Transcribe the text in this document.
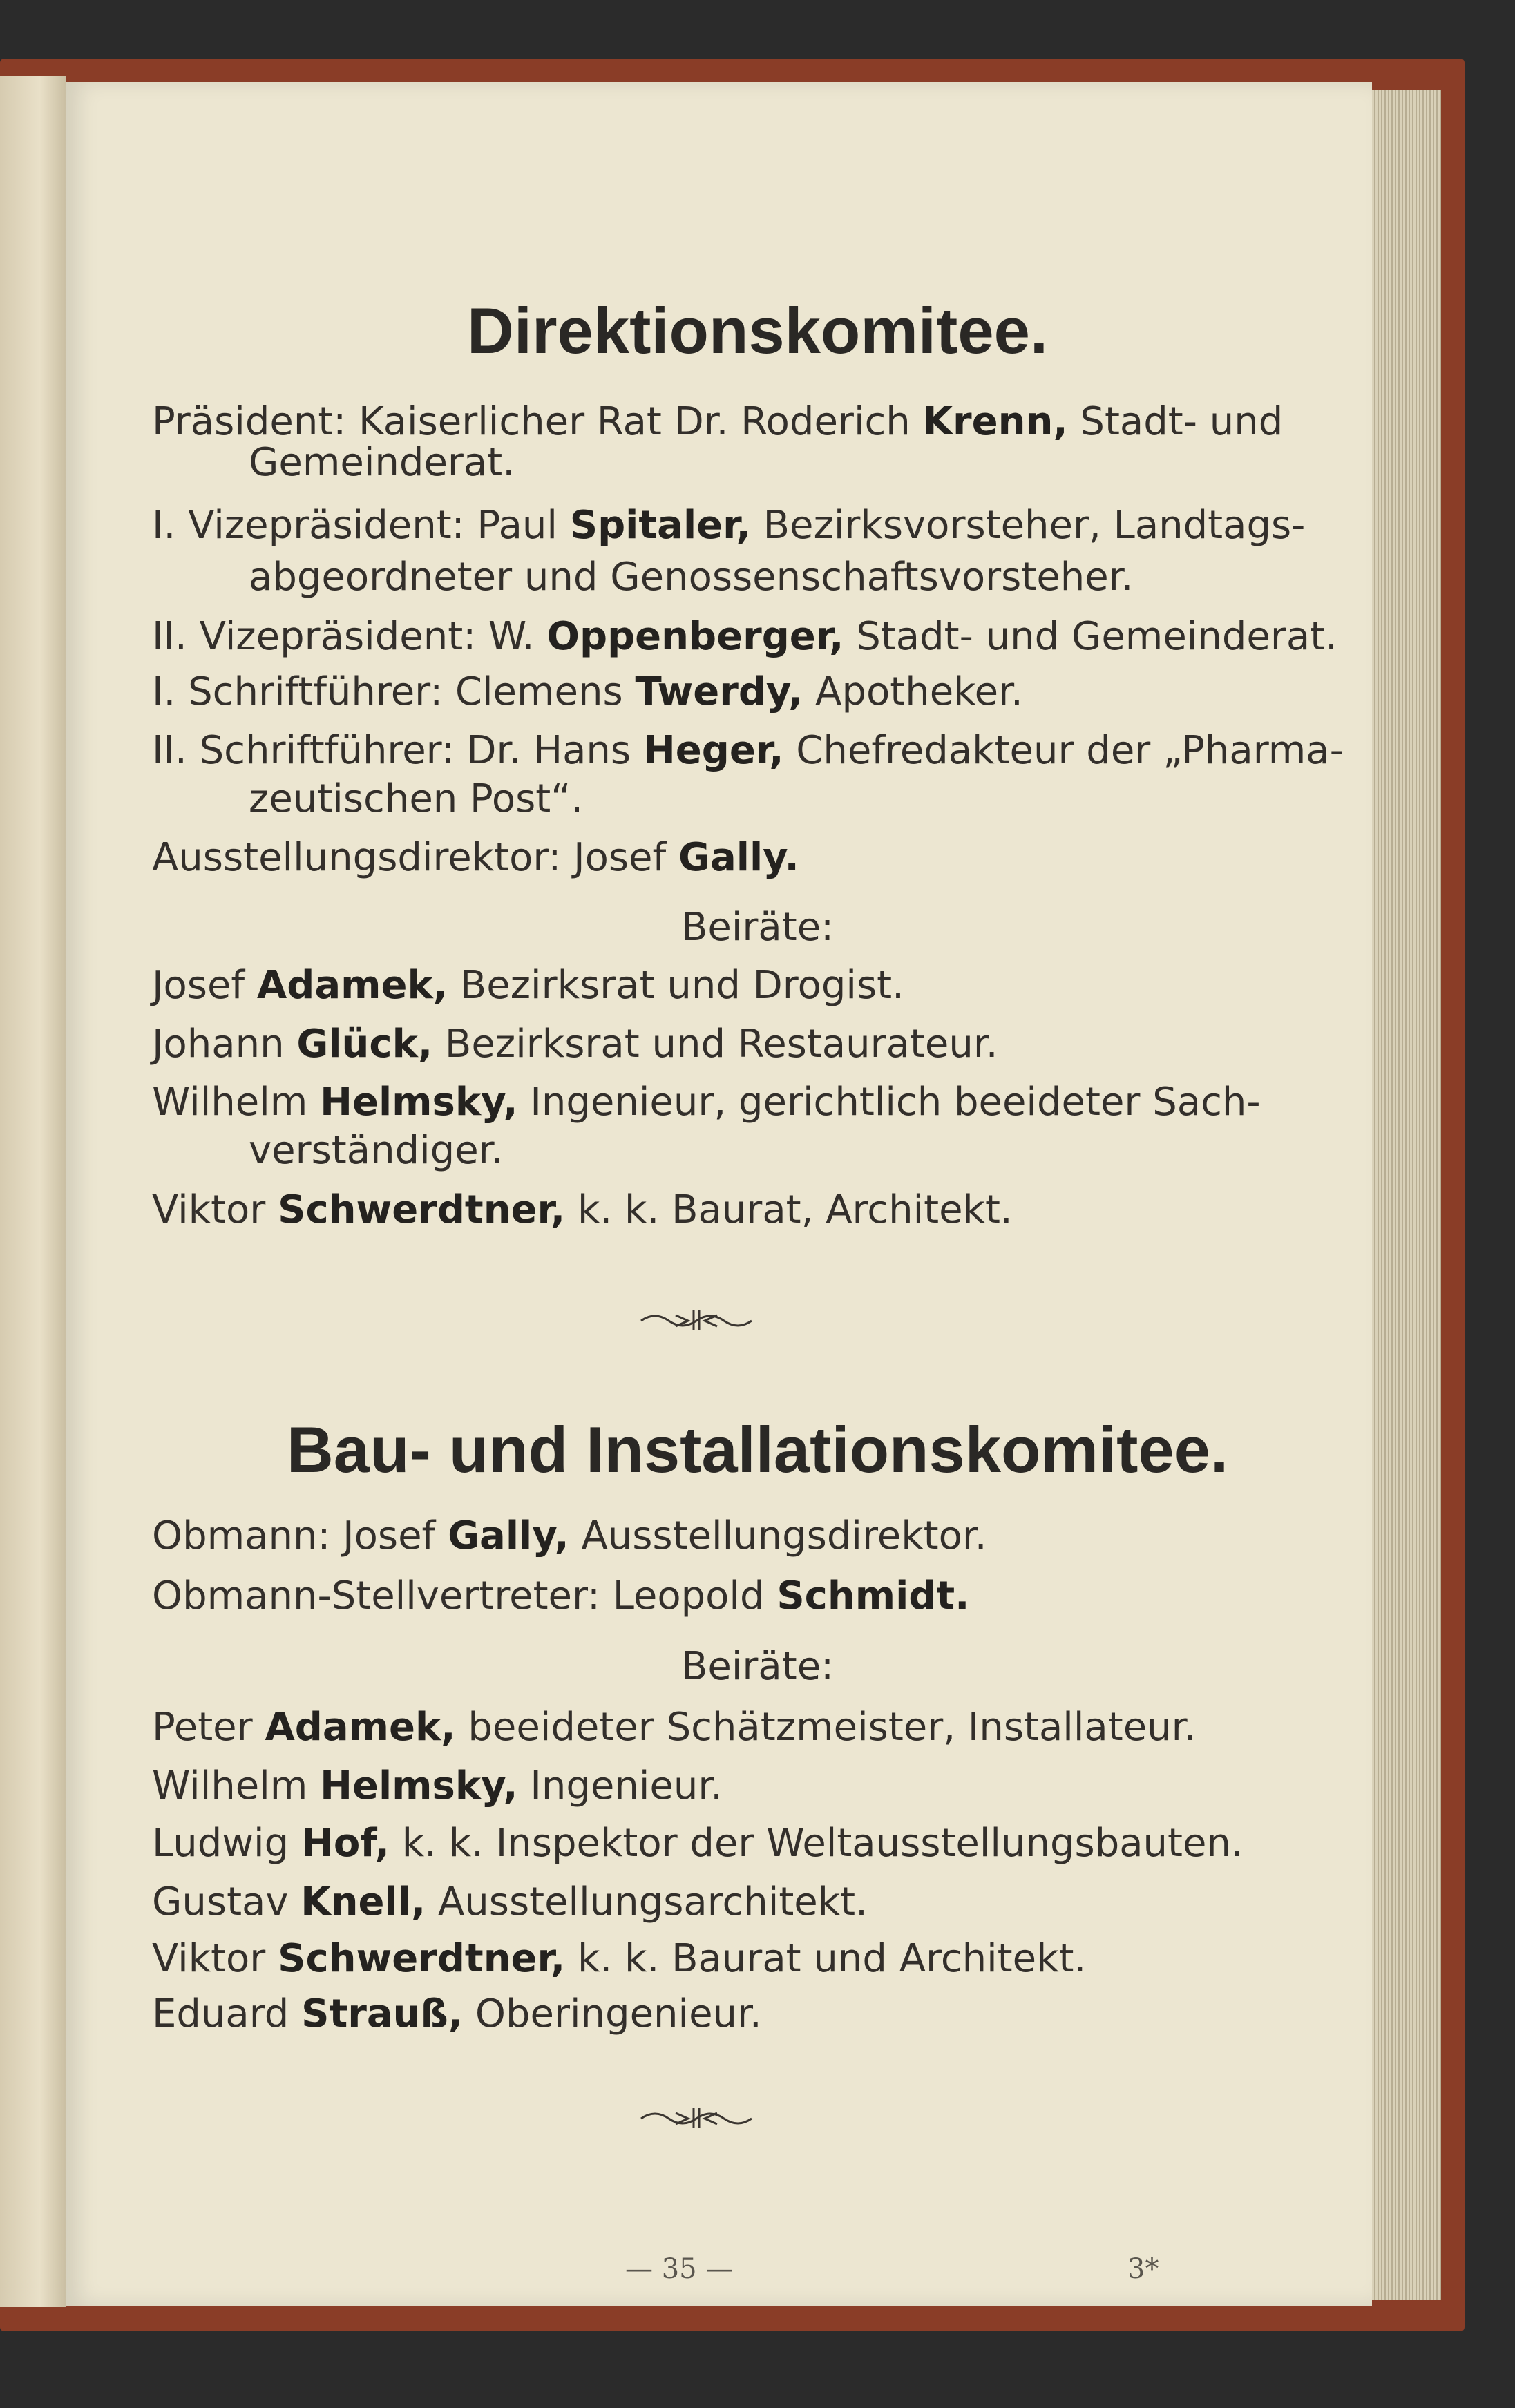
Direktionskomitee.
Präsident: Kaiserlicher Rat Dr. Roderich Krenn, Stadt- und
Gemeinderat.
I. Vizepräsident: Paul Spitaler, Bezirksvorsteher, Landtags-
abgeordneter und Genossenschaftsvorsteher.
II. Vizepräsident: W. Oppenberger, Stadt- und Gemeinderat.
I. Schriftführer: Clemens Twerdy, Apotheker.
II. Schriftführer: Dr. Hans Heger, Chefredakteur der „Pharma-
zeutischen Post“.
Ausstellungsdirektor: Josef Gally.
Beiräte:
Josef Adamek, Bezirksrat und Drogist.
Johann Glück, Bezirksrat und Restaurateur.
Wilhelm Helmsky, Ingenieur, gerichtlich beeideter Sach-
verständiger.
Viktor Schwerdtner, k. k. Baurat, Architekt.
Bau- und Installationskomitee.
Obmann: Josef Gally, Ausstellungsdirektor.
Obmann-Stellvertreter: Leopold Schmidt.
Beiräte:
Peter Adamek, beeideter Schätzmeister, Installateur.
Wilhelm Helmsky, Ingenieur.
Ludwig Hof, k. k. Inspektor der Weltausstellungsbauten.
Gustav Knell, Ausstellungsarchitekt.
Viktor Schwerdtner, k. k. Baurat und Architekt.
Eduard Strauß, Oberingenieur.
— 35 —	3*
